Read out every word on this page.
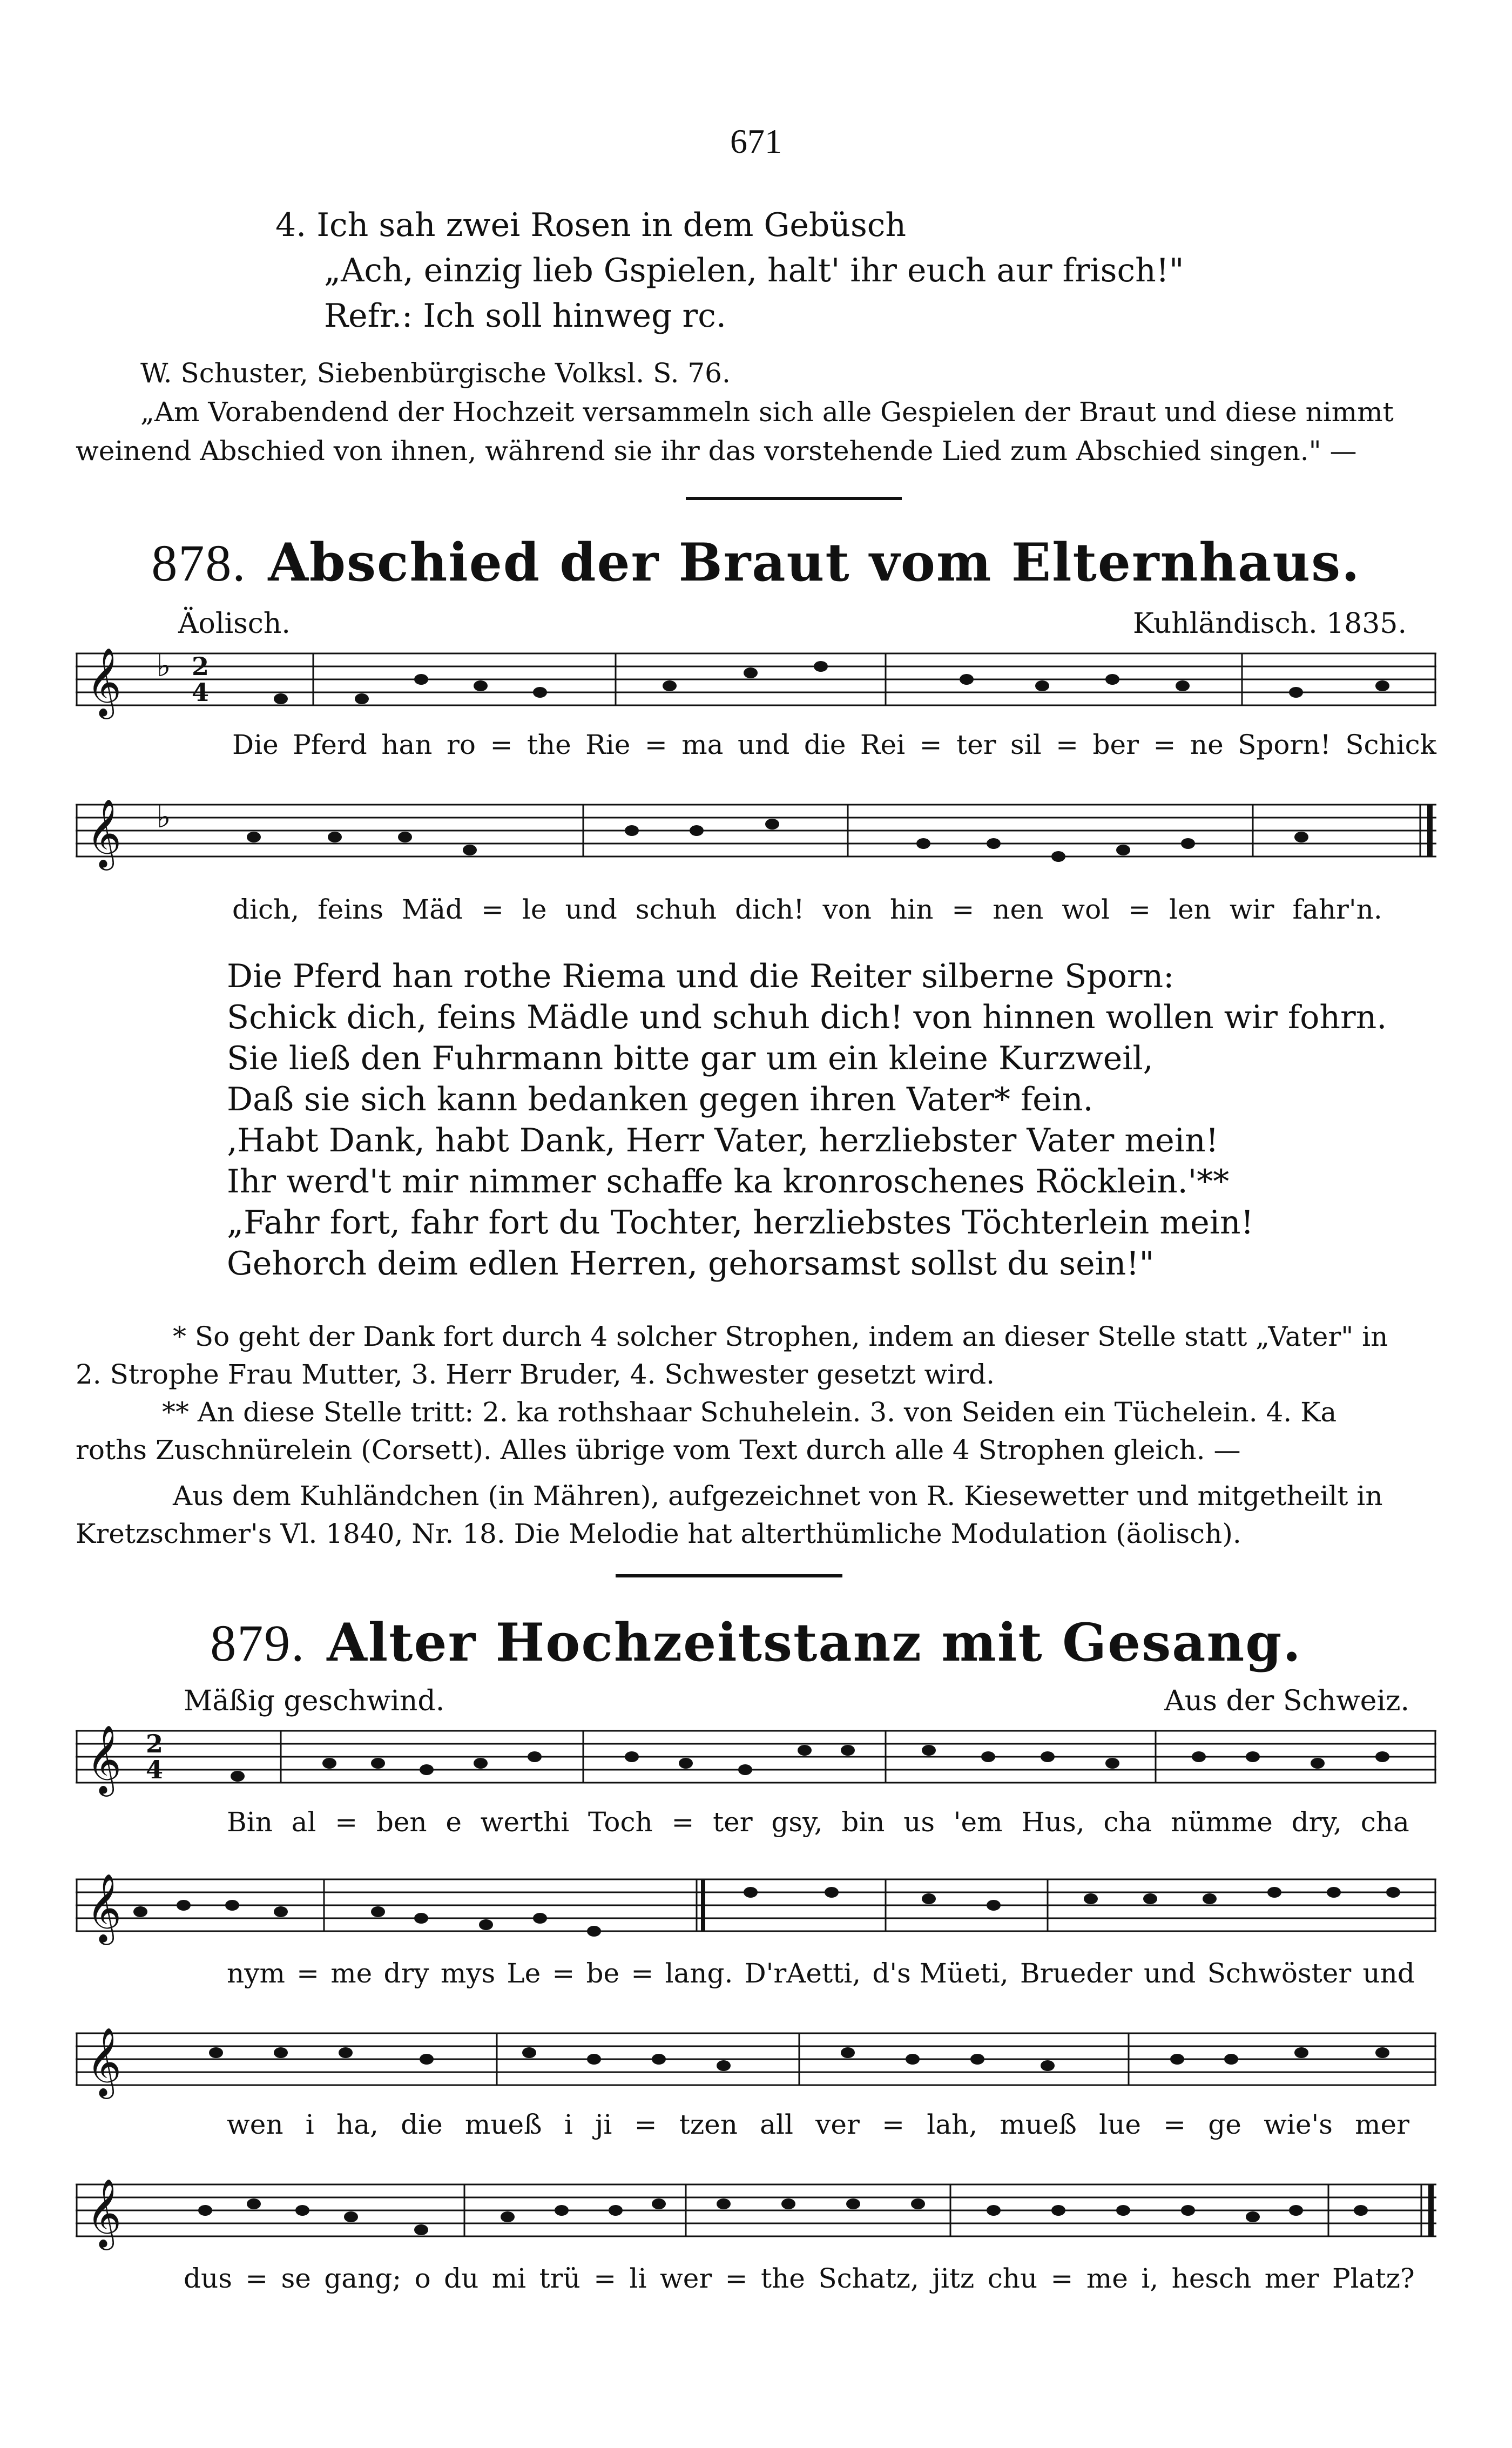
671
4. Ich sah zwei Rosen in dem Gebüsch
„Ach, einzig lieb Gspielen, halt' ihr euch aur frisch!"
Refr.: Ich soll hinweg rc.
W. Schuster, Siebenbürgische Volksl. S. 76.
„Am Vorabendend der Hochzeit versammeln sich alle Gespielen der Braut und diese nimmt
weinend Abschied von ihnen, während sie ihr das vorstehende Lied zum Abschied singen." —
878. Abschied der Braut vom Elternhaus.
Äolisch.	Kuhländisch. 1835.
𝄞 ♭ 2
4
Die Pferd han ro = the Rie = ma und die Rei = ter sil = ber = ne Sporn! Schick
𝄞 ♭
dich, feins Mäd = le und schuh dich! von hin = nen wol = len wir fahr'n.
Die Pferd han rothe Riema und die Reiter silberne Sporn:
Schick dich, feins Mädle und schuh dich! von hinnen wollen wir fohrn.
Sie ließ den Fuhrmann bitte gar um ein kleine Kurzweil,
Daß sie sich kann bedanken gegen ihren Vater* fein.
‚Habt Dank, habt Dank, Herr Vater, herzliebster Vater mein!
Ihr werd't mir nimmer schaffe ka kronroschenes Röcklein.'**
„Fahr fort, fahr fort du Tochter, herzliebstes Töchterlein mein!
Gehorch deim edlen Herren, gehorsamst sollst du sein!"
* So geht der Dank fort durch 4 solcher Strophen, indem an dieser Stelle statt „Vater" in
2. Strophe Frau Mutter, 3. Herr Bruder, 4. Schwester gesetzt wird.
** An diese Stelle tritt: 2. ka rothshaar Schuhelein. 3. von Seiden ein Tüchelein. 4. Ka
roths Zuschnürelein (Corsett). Alles übrige vom Text durch alle 4 Strophen gleich. —
Aus dem Kuhländchen (in Mähren), aufgezeichnet von R. Kiesewetter und mitgetheilt in
Kretzschmer's Vl. 1840, Nr. 18. Die Melodie hat alterthümliche Modulation (äolisch).
879. Alter Hochzeitstanz mit Gesang.
Mäßig geschwind.	Aus der Schweiz.
𝄞 2
4
Bin al = ben e werthi Toch = ter gsy, bin us 'em Hus, cha nümme dry, cha
𝄞
nym = me dry mys Le = be = lang. D'rAetti, d's Müeti, Brueder und Schwöster und
𝄞
wen i ha, die mueß i ji = tzen all ver = lah, mueß lue = ge wie's mer
𝄞
dus = se gang; o du mi trü = li wer = the Schatz, jitz chu = me i, hesch mer Platz?
